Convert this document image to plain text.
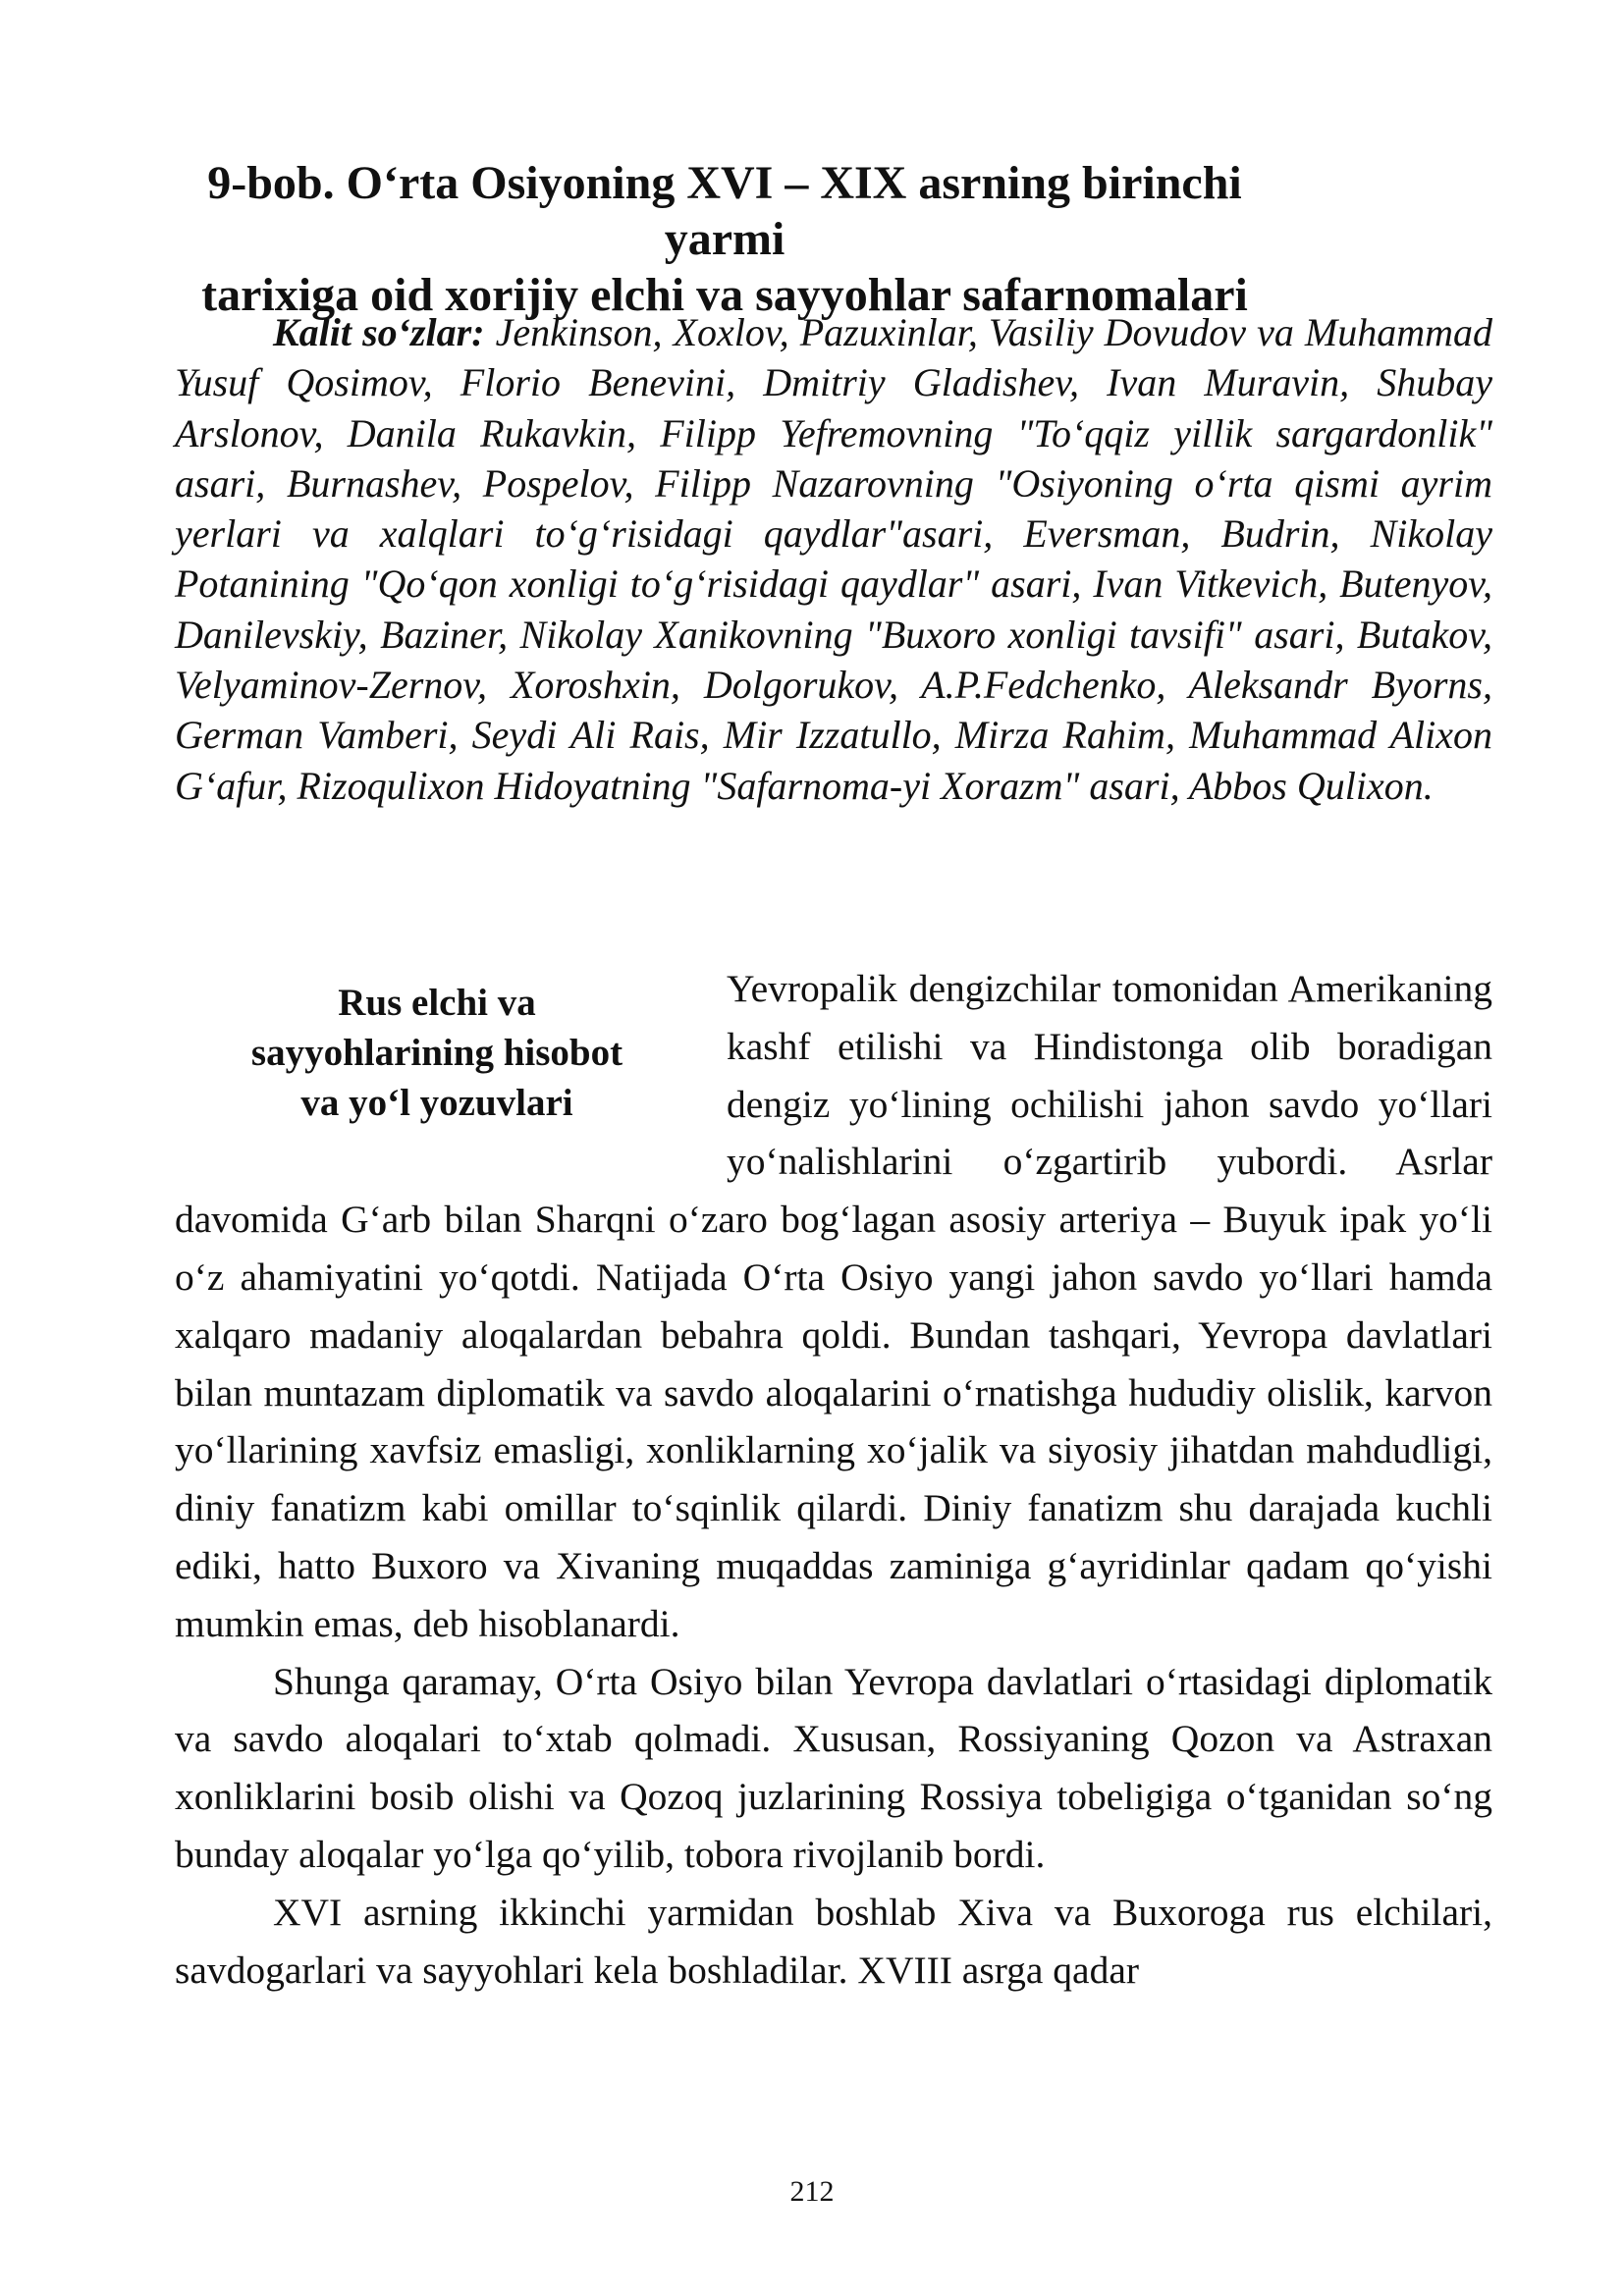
9-bob. O‘rta Osiyoning XVI – XIX asrning birinchi yarmi
tarixiga oid xorijiy elchi va sayyohlar safarnomalari

Kalit so‘zlar: Jenkinson, Xoxlov, Pazuxinlar, Vasiliy Dovudov va Muhammad Yusuf Qosimov, Florio Benevini, Dmitriy Gladishev, Ivan Muravin, Shubay Arslonov, Danila Rukavkin, Filipp Yefremovning "To‘qqiz yillik sargardonlik" asari, Burnashev, Pospelov, Filipp Nazarovning "Osiyoning o‘rta qismi ayrim yerlari va xalqlari to‘g‘risidagi qaydlar"asari, Eversman, Budrin, Nikolay Potanining "Qo‘qon xonligi to‘g‘risidagi qaydlar" asari, Ivan Vitkevich, Butenyov, Danilevskiy, Baziner, Nikolay Xanikovning "Buxoro xonligi tavsifi" asari, Butakov, Velyaminov-Zernov, Xoroshxin, Dolgorukov, A.P.Fedchenko, Aleksandr Byorns, German Vamberi, Seydi Ali Rais, Mir Izzatullo, Mirza Rahim, Muhammad Alixon G‘afur, Rizoqulixon Hidoyatning "Safarnoma-yi Xorazm" asari, Abbos Qulixon.

Rus elchi va
sayyohlarining hisobot
va yo‘l yozuvlari

Yevropalik dengizchilar tomonidan Amerikaning kashf etilishi va Hindistonga olib boradigan dengiz yo‘lining ochilishi jahon savdo yo‘llari yo‘nalishlarini o‘zgartirib yubordi. Asrlar davomida G‘arb bilan Sharqni o‘zaro bog‘lagan asosiy arteriya – Buyuk ipak yo‘li o‘z ahamiyatini yo‘qotdi. Natijada O‘rta Osiyo yangi jahon savdo yo‘llari hamda xalqaro madaniy aloqalardan bebahra qoldi. Bundan tashqari, Yevropa davlatlari bilan muntazam diplomatik va savdo aloqalarini o‘rnatishga hududiy olislik, karvon yo‘llarining xavfsiz emasligi, xonliklarning xo‘jalik va siyosiy jihatdan mahdudligi, diniy fanatizm kabi omillar to‘sqinlik qilardi. Diniy fanatizm shu darajada kuchli ediki, hatto Buxoro va Xivaning muqaddas zaminiga g‘ayridinlar qadam qo‘yishi mumkin emas, deb hisoblanardi.

Shunga qaramay, O‘rta Osiyo bilan Yevropa davlatlari o‘rtasidagi diplomatik va savdo aloqalari to‘xtab qolmadi. Xususan, Rossiyaning Qozon va Astraxan xonliklarini bosib olishi va Qozoq juzlarining Rossiya tobeligiga o‘tganidan so‘ng bunday aloqalar yo‘lga qo‘yilib, tobora rivojlanib bordi.

XVI asrning ikkinchi yarmidan boshlab Xiva va Buxoroga rus elchilari, savdogarlari va sayyohlari kela boshladilar. XVIII asrga qadar

212
